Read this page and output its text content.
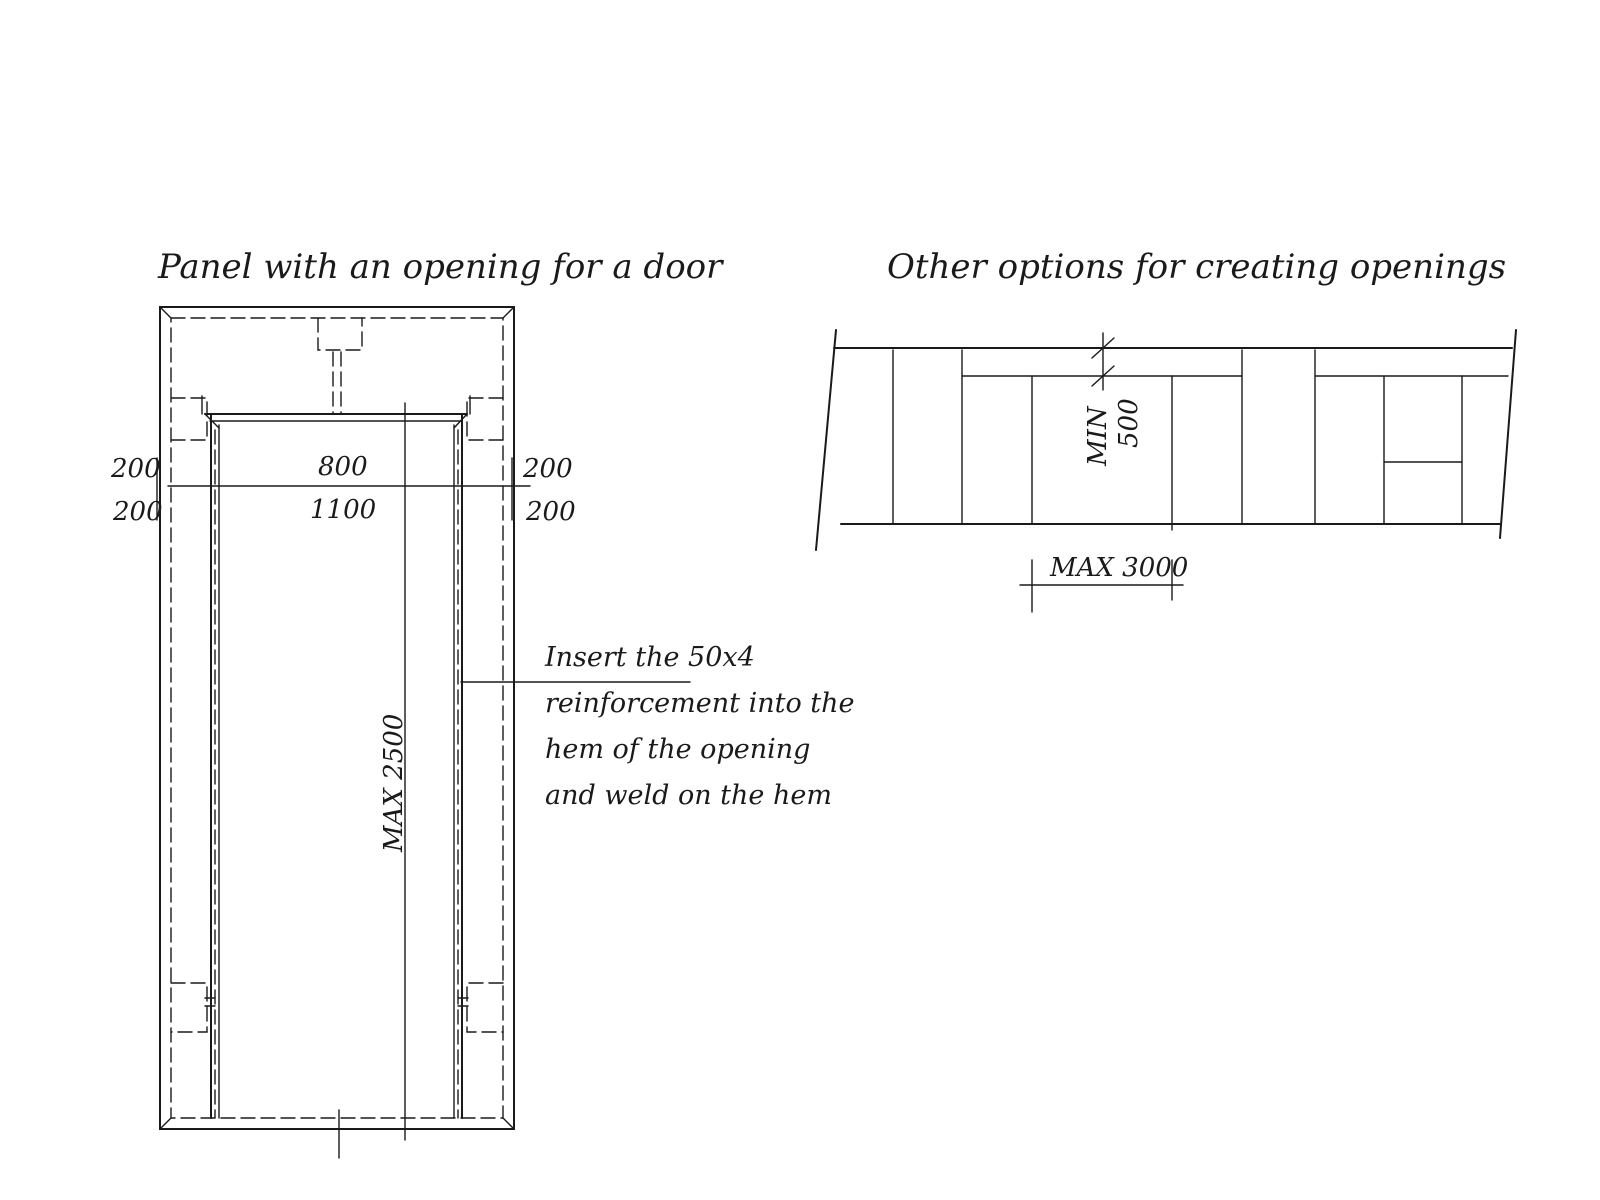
Panel with an opening for a door
200
200
200
200
800
1100
MAX 2500
Insert the 50x4
reinforcement into the
hem of the opening
and weld on the hem
Other options for creating openings
MIN 500
MAX 3000
